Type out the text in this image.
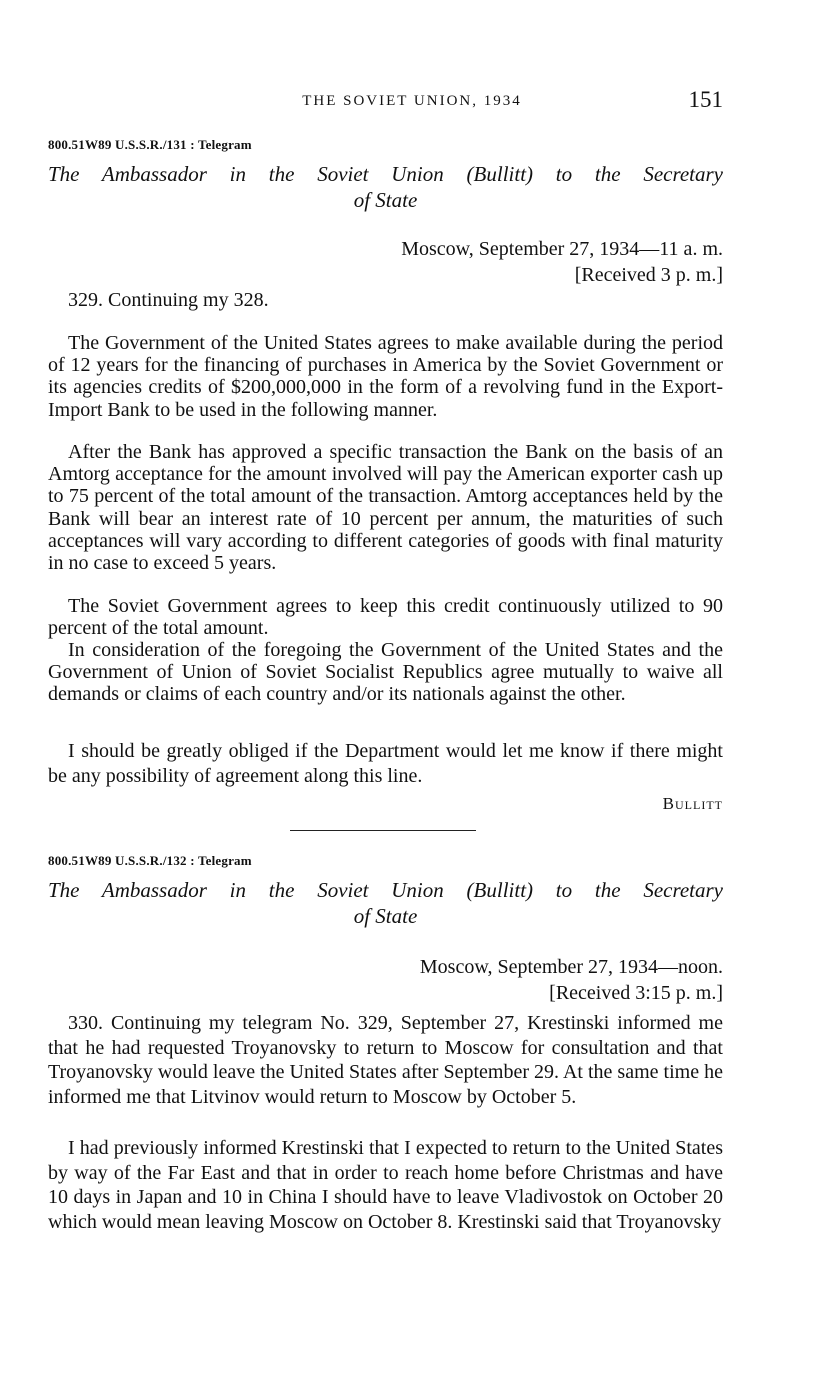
THE SOVIET UNION, 1934	151
800.51W89 U.S.S.R./131 : Telegram
The Ambassador in the Soviet Union (Bullitt) to the Secretary
of State
Moscow, September 27, 1934—11 a. m.
[Received 3 p. m.]

329. Continuing my 328.

The Government of the United States agrees to make available during the period of 12 years for the financing of purchases in America by the Soviet Government or its agencies credits of $200,000,000 in the form of a revolving fund in the Export-Import Bank to be used in the following manner.

After the Bank has approved a specific transaction the Bank on the basis of an Amtorg acceptance for the amount involved will pay the American exporter cash up to 75 percent of the total amount of the transaction. Amtorg acceptances held by the Bank will bear an interest rate of 10 percent per annum, the maturities of such acceptances will vary according to different categories of goods with final maturity in no case to exceed 5 years.

The Soviet Government agrees to keep this credit continuously utilized to 90 percent of the total amount.

In consideration of the foregoing the Government of the United States and the Government of Union of Soviet Socialist Republics agree mutually to waive all demands or claims of each country and/or its nationals against the other.

I should be greatly obliged if the Department would let me know if there might be any possibility of agreement along this line.

Bullitt
800.51W89 U.S.S.R./132 : Telegram
The Ambassador in the Soviet Union (Bullitt) to the Secretary
of State
Moscow, September 27, 1934—noon.
[Received 3:15 p. m.]

330. Continuing my telegram No. 329, September 27, Krestinski informed me that he had requested Troyanovsky to return to Moscow for consultation and that Troyanovsky would leave the United States after September 29. At the same time he informed me that Litvinov would return to Moscow by October 5.

I had previously informed Krestinski that I expected to return to the United States by way of the Far East and that in order to reach home before Christmas and have 10 days in Japan and 10 in China I should have to leave Vladivostok on October 20 which would mean leaving Moscow on October 8. Krestinski said that Troyanovsky
